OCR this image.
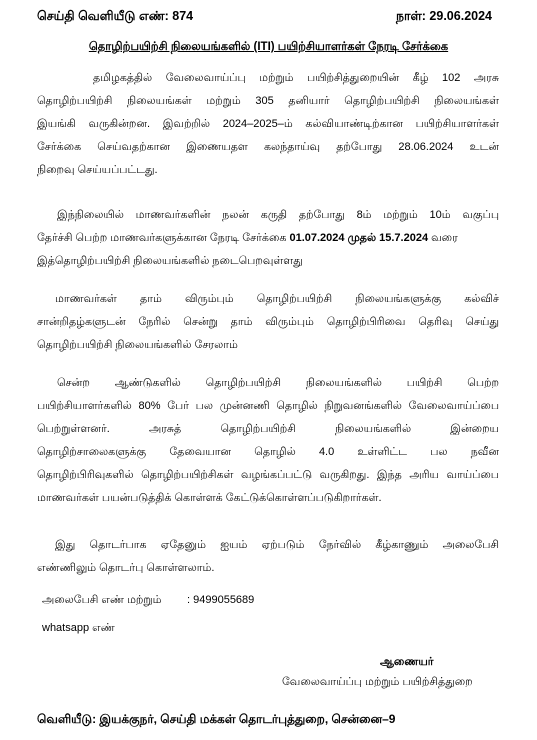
செய்தி வெளியீடு எண்: 874	நாள்: 29.06.2024
தொழிற்பயிற்சி நிலையங்களில் (ITI) பயிற்சியாளர்கள் நேரடி சேர்க்கை
தமிழகத்தில் வேலைவாய்ப்பு மற்றும் பயிற்சித்துறையின் கீழ் 102 அரசு
தொழிற்பயிற்சி நிலையங்கள் மற்றும் 305 தனியார் தொழிற்பயிற்சி நிலையங்கள்
இயங்கி வருகின்றன. இவற்றில் 2024–2025–ம் கல்வியாண்டிற்கான பயிற்சியாளர்கள்
சேர்க்கை செய்வதற்கான இணையதள கலந்தாய்வு தற்போது 28.06.2024 உடன்
நிறைவு செய்யப்பட்டது.
இந்நிலையில் மாணவர்களின் நலன் கருதி தற்போது 8ம் மற்றும் 10ம் வகுப்பு
தேர்ச்சி பெற்ற மாணவர்களுக்கான நேரடி சேர்க்கை 01.07.2024 முதல் 15.7.2024 வரை
இத்தொழிற்பயிற்சி நிலையங்களில் நடைபெறவுள்ளது
மாணவர்கள் தாம் விரும்பும் தொழிற்பயிற்சி நிலையங்களுக்கு கல்விச்
சான்றிதழ்களுடன் நேரில் சென்று தாம் விரும்பும் தொழிற்பிரிவை தெரிவு செய்து
தொழிற்பயிற்சி நிலையங்களில் சேரலாம்
சென்ற ஆண்டுகளில் தொழிற்பயிற்சி நிலையங்களில் பயிற்சி பெற்ற
பயிற்சியாளர்களில் 80% பேர் பல முன்னணி தொழில் நிறுவனங்களில் வேலைவாய்ப்பை
பெற்றுள்ளனர். அரசுத் தொழிற்பயிற்சி நிலையங்களில் இன்றைய
தொழிற்சாலைகளுக்கு தேவையான தொழில் 4.0 உள்ளிட்ட பல நவீன
தொழிற்பிரிவுகளில் தொழிற்பயிற்சிகள் வழங்கப்பட்டு வருகிறது. இந்த அரிய வாய்ப்பை
மாணவர்கள் பயன்படுத்திக் கொள்ளக் கேட்டுக்கொள்ளப்படுகிறார்கள்.
இது தொடர்பாக ஏதேனும் ஐயம் ஏற்படும் நேர்வில் கீழ்காணும் அலைபேசி
எண்ணிலும் தொடர்பு கொள்ளலாம்.
அலைபேசி எண் மற்றும் : 9499055689
whatsapp எண்
ஆணையர்
வேலைவாய்ப்பு மற்றும் பயிற்சித்துறை
வெளியீடு: இயக்குநர், செய்தி மக்கள் தொடர்புத்துறை, சென்னை–9
